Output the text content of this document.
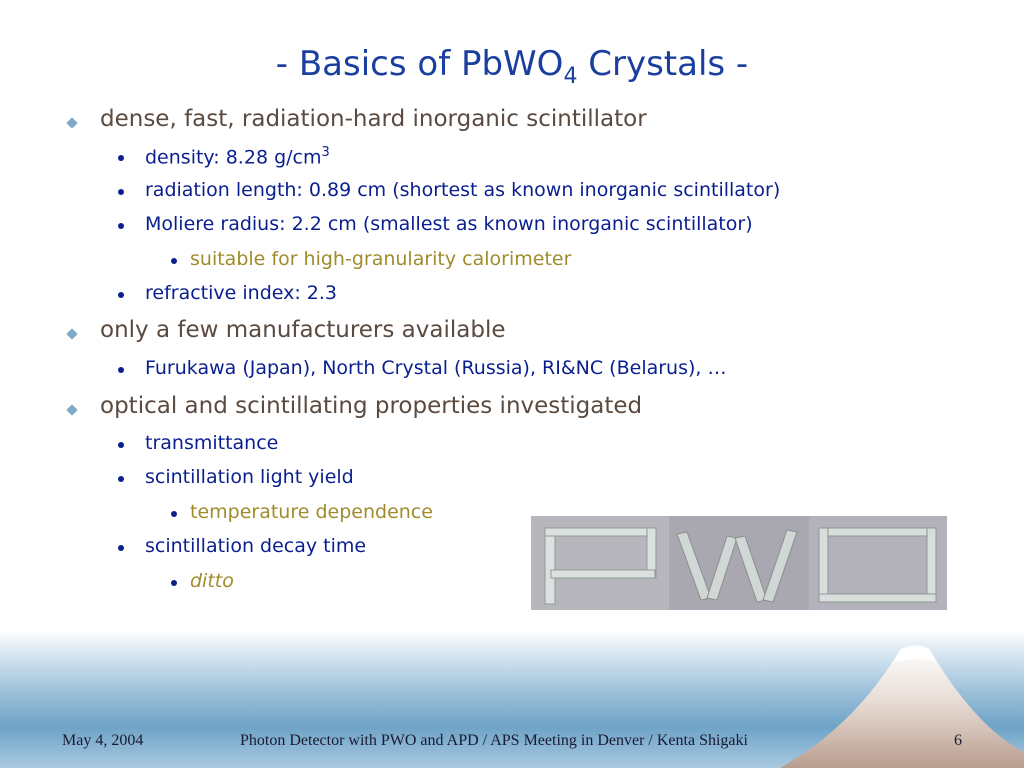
- Basics of PbWO$_4$ Crystals -
dense, fast, radiation-hard inorganic scintillator
density: 8.28 $g/cm^3$
radiation length: 0.89 cm (shortest as known inorganic scintillator)
Moliere radius: 2.2 cm (smallest as known inorganic scintillator)
suitable for high-granularity calorimeter
refractive index: 2.3
only a few manufacturers available
Furukawa (Japan), North Crystal (Russia), RI&NC (Belarus), …
optical and scintillating properties investigated
transmittance
scintillation light yield
temperature dependence
scintillation decay time
ditto
May 4, 2004	Photon Detector with PWO and APD / APS Meeting in Denver / Kenta Shigaki	6
